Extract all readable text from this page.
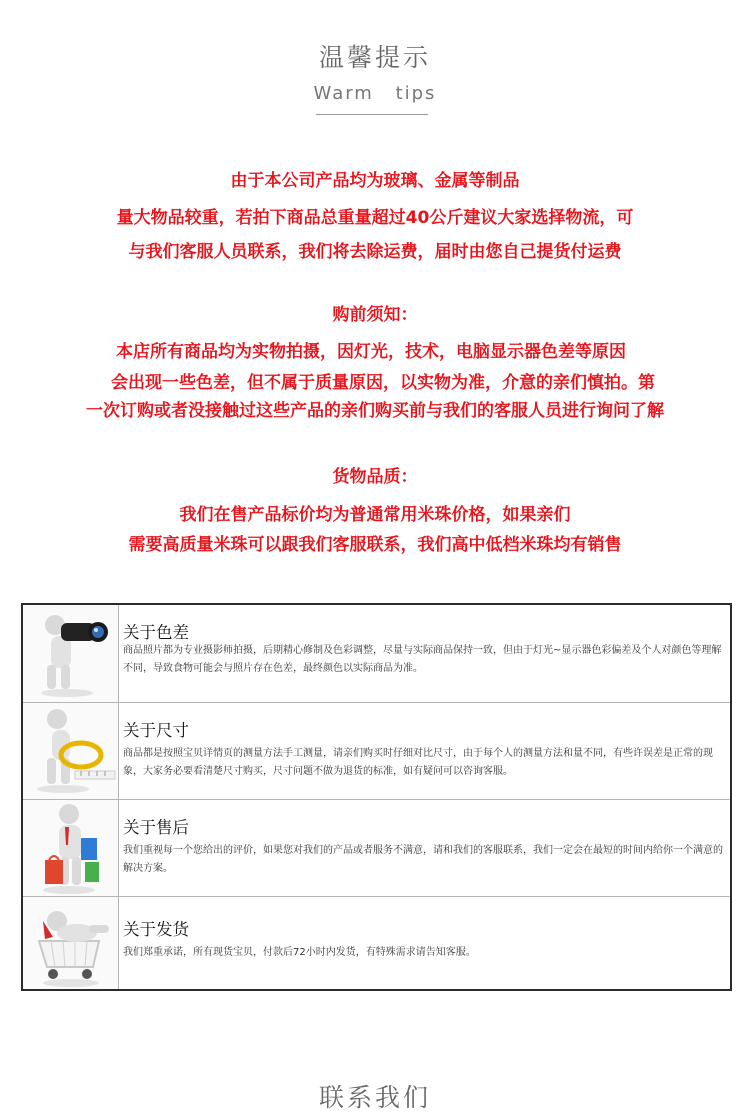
温馨提示
Warm tips
由于本公司产品均为玻璃、金属等制品
量大物品较重，若拍下商品总重量超过40公斤建议大家选择物流，可
与我们客服人员联系，我们将去除运费，届时由您自己提货付运费
购前须知：
本店所有商品均为实物拍摄，因灯光，技术，电脑显示器色差等原因
会出现一些色差，但不属于质量原因，以实物为准，介意的亲们慎拍。第
一次订购或者没接触过这些产品的亲们购买前与我们的客服人员进行询问了解
货物品质：
我们在售产品标价均为普通常用米珠价格，如果亲们
需要高质量米珠可以跟我们客服联系，我们高中低档米珠均有销售
关于色差
商品照片都为专业摄影师拍摄，后期精心修制及色彩调整，尽量与实际商品保持一致，但由于灯光~显示器色彩偏差及个人对颜色等理解不同，导致食物可能会与照片存在色差，最终颜色以实际商品为准。
关于尺寸
商品都是按照宝贝详情页的测量方法手工测量，请亲们购买时仔细对比尺寸，由于每个人的测量方法和量不同，有些许误差是正常的现象，大家务必要看清楚尺寸购买，尺寸问题不做为退货的标准，如有疑问可以咨询客服。
关于售后
我们重视每一个您给出的评价，如果您对我们的产品或者服务不满意，请和我们的客服联系，我们一定会在最短的时间内给你一个满意的解决方案。
关于发货
我们郑重承诺，所有现货宝贝，付款后72小时内发货，有特殊需求请告知客服。
联系我们
